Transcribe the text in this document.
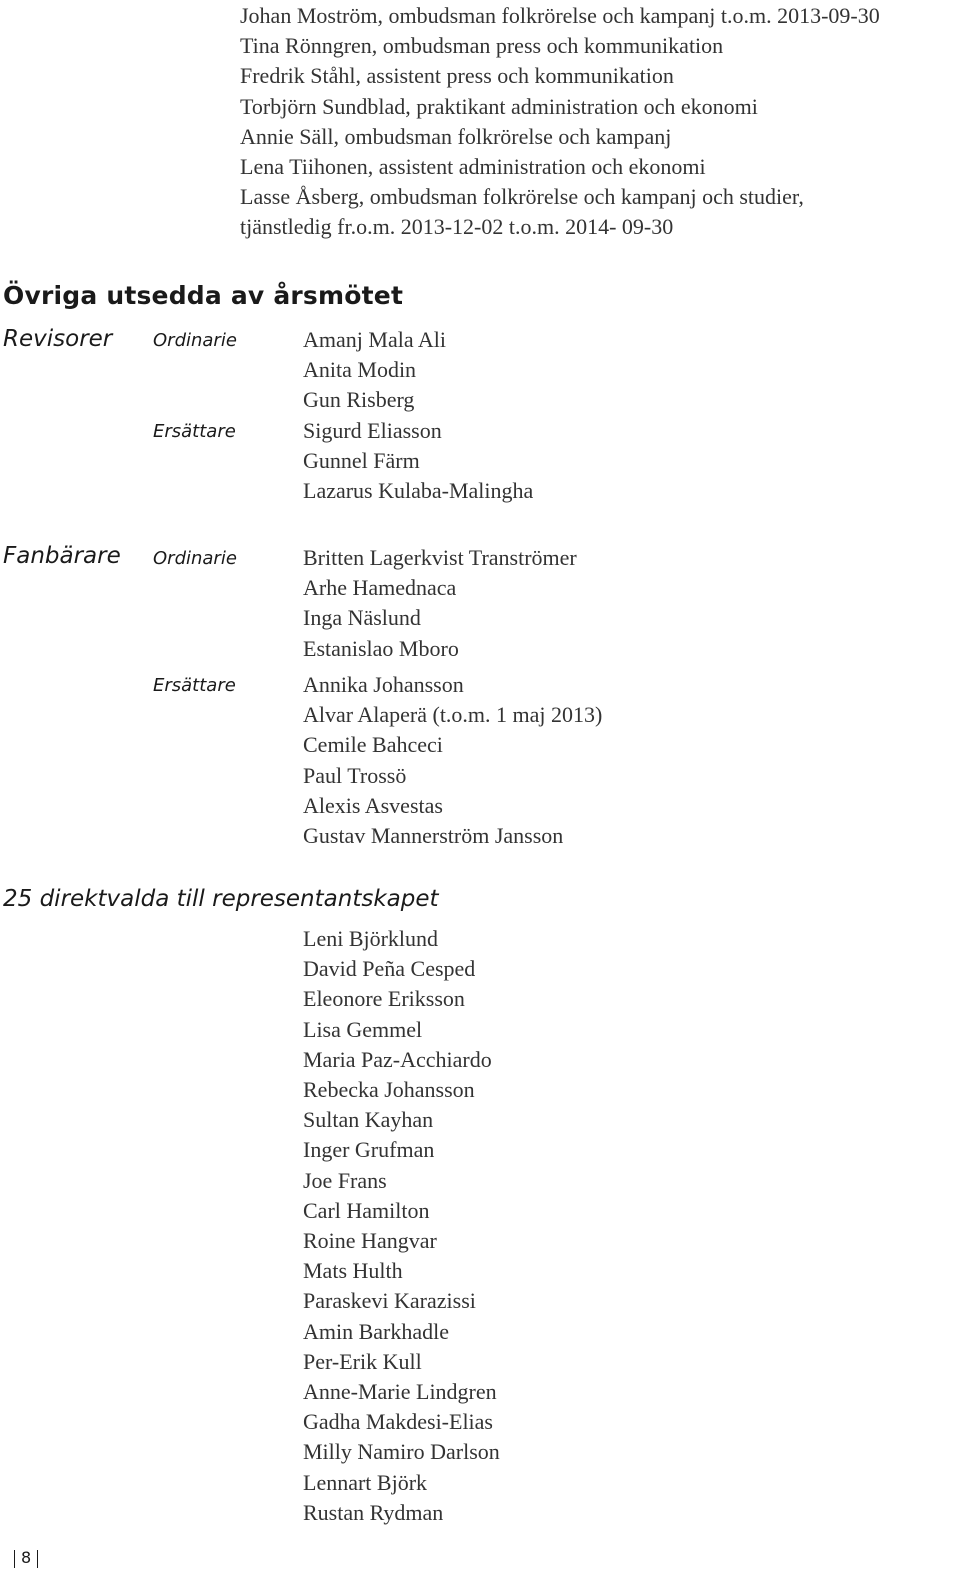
Johan Moström, ombudsman folkrörelse och kampanj t.o.m. 2013-09-30
Tina Rönngren, ombudsman press och kommunikation
Fredrik Ståhl, assistent press och kommunikation
Torbjörn Sundblad, praktikant administration och ekonomi
Annie Säll, ombudsman folkrörelse och kampanj
Lena Tiihonen, assistent administration och ekonomi
Lasse Åsberg, ombudsman folkrörelse och kampanj och studier,
tjänstledig fr.o.m. 2013-12-02 t.o.m. 2014- 09-30
Övriga utsedda av årsmötet
Revisorer Ordinarie	Amanj Mala Ali
Anita Modin
Gun Risberg
Ersättare	Sigurd Eliasson
Gunnel Färm
Lazarus Kulaba-Malingha
Fanbärare Ordinarie	Britten Lagerkvist Tranströmer
Arhe Hamednaca
Inga Näslund
Estanislao Mboro
Ersättare	Annika Johansson
Alvar Alaperä (t.o.m. 1 maj 2013)
Cemile Bahceci
Paul Trossö
Alexis Asvestas
Gustav Mannerström Jansson
25 direktvalda till representantskapet
Leni Björklund
David Peña Cesped
Eleonore Eriksson
Lisa Gemmel
Maria Paz-Acchiardo
Rebecka Johansson
Sultan Kayhan
Inger Grufman
Joe Frans
Carl Hamilton
Roine Hangvar
Mats Hulth
Paraskevi Karazissi
Amin Barkhadle
Per-Erik Kull
Anne-Marie Lindgren
Gadha Makdesi-Elias
Milly Namiro Darlson
Lennart Björk
Rustan Rydman
8
